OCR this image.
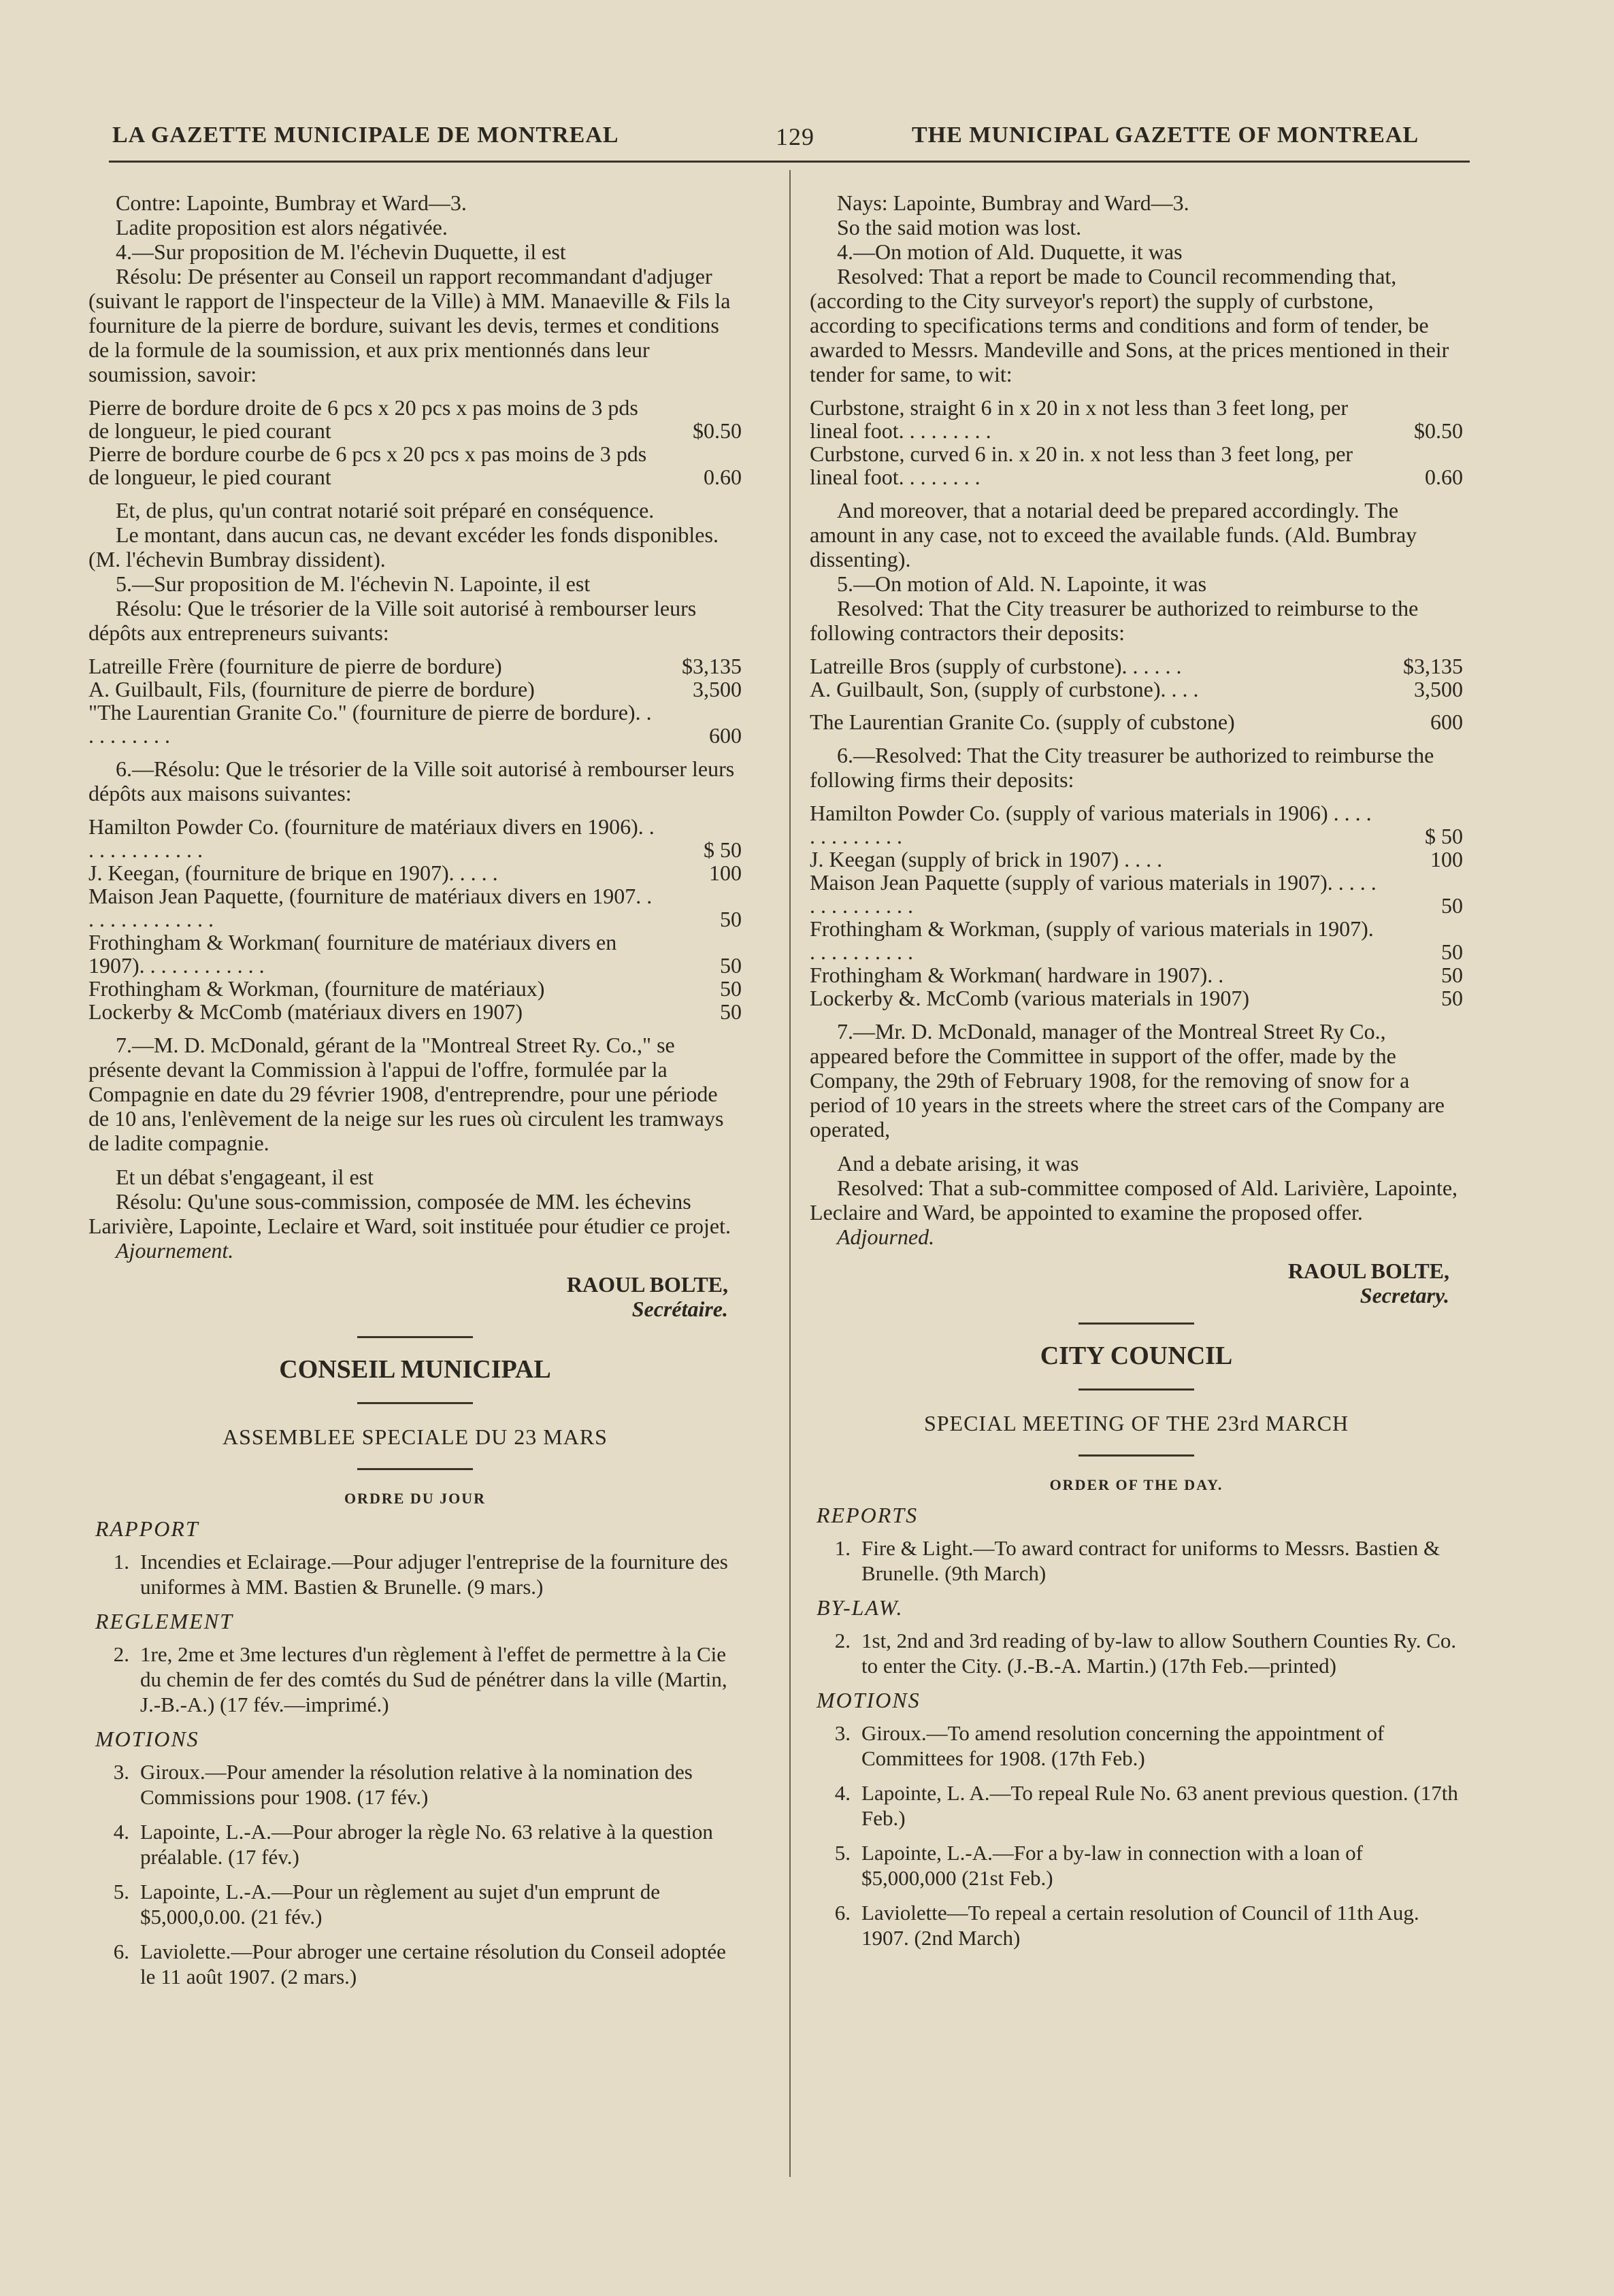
LA GAZETTE MUNICIPALE DE MONTREAL	129	THE MUNICIPAL GAZETTE OF MONTREAL

Contre: Lapointe, Bumbray et Ward—3.

Ladite proposition est alors négativée.

4.—Sur proposition de M. l'échevin Duquette, il est

Résolu: De présenter au Conseil un rapport recommandant d'adjuger (suivant le rapport de l'inspecteur de la Ville) à MM. Manaeville & Fils la fourniture de la pierre de bordure, suivant les devis, termes et conditions de la formule de la soumission, et aux prix mentionnés dans leur soumission, savoir:

Pierre de bordure droite de 6 pcs x 20 pcs x pas moins de 3 pds de longueur, le pied courant	$0.50
Pierre de bordure courbe de 6 pcs x 20 pcs x pas moins de 3 pds de longueur, le pied courant	0.60

Et, de plus, qu'un contrat notarié soit préparé en conséquence.

Le montant, dans aucun cas, ne devant excéder les fonds disponibles. (M. l'échevin Bumbray dissident).

5.—Sur proposition de M. l'échevin N. Lapointe, il est

Résolu: Que le trésorier de la Ville soit autorisé à rembourser leurs dépôts aux entrepreneurs suivants:

Latreille Frère (fourniture de pierre de bordure)	$3,135
A. Guilbault, Fils, (fourniture de pierre de bordure)	3,500
"The Laurentian Granite Co." (fourniture de pierre de bordure). . . . . . . . . .	600

6.—Résolu: Que le trésorier de la Ville soit autorisé à rembourser leurs dépôts aux maisons suivantes:

Hamilton Powder Co. (fourniture de matériaux divers en 1906). . . . . . . . . . . . .	$ 50
J. Keegan, (fourniture de brique en 1907). . . . .	100
Maison Jean Paquette, (fourniture de matériaux divers en 1907. . . . . . . . . . . . . .	50
Frothingham & Workman( fourniture de matériaux divers en 1907). . . . . . . . . . . .	50
Frothingham & Workman, (fourniture de matériaux)	50
Lockerby & McComb (matériaux divers en 1907)	50

7.—M. D. McDonald, gérant de la "Montreal Street Ry. Co.," se présente devant la Commission à l'appui de l'offre, formulée par la Compagnie en date du 29 février 1908, d'entreprendre, pour une période de 10 ans, l'enlèvement de la neige sur les rues où circulent les tramways de ladite compagnie.

Et un débat s'engageant, il est

Résolu: Qu'une sous-commission, composée de MM. les échevins Larivière, Lapointe, Leclaire et Ward, soit instituée pour étudier ce projet.

Ajournement.

RAOUL BOLTE,

Secrétaire.

CONSEIL MUNICIPAL
ASSEMBLEE SPECIALE DU 23 MARS
ORDRE DU JOUR
RAPPORT
1. Incendies et Eclairage.—Pour adjuger l'entreprise de la fourniture des uniformes à MM. Bastien & Brunelle. (9 mars.)
REGLEMENT
2. 1re, 2me et 3me lectures d'un règlement à l'effet de permettre à la Cie du chemin de fer des comtés du Sud de pénétrer dans la ville (Martin, J.-B.-A.) (17 fév.—imprimé.)
MOTIONS
3. Giroux.—Pour amender la résolution relative à la nomination des Commissions pour 1908. (17 fév.)
4. Lapointe, L.-A.—Pour abroger la règle No. 63 relative à la question préalable. (17 fév.)
5. Lapointe, L.-A.—Pour un règlement au sujet d'un emprunt de $5,000,0.00. (21 fév.)
6. Laviolette.—Pour abroger une certaine résolution du Conseil adoptée le 11 août 1907. (2 mars.)

Nays: Lapointe, Bumbray and Ward—3.

So the said motion was lost.

4.—On motion of Ald. Duquette, it was

Resolved: That a report be made to Council recommending that, (according to the City surveyor's report) the supply of curbstone, according to specifications terms and conditions and form of tender, be awarded to Messrs. Mandeville and Sons, at the prices mentioned in their tender for same, to wit:

Curbstone, straight 6 in x 20 in x not less than 3 feet long, per lineal foot. . . . . . . . .	$0.50
Curbstone, curved 6 in. x 20 in. x not less than 3 feet long, per lineal foot. . . . . . . .	0.60

And moreover, that a notarial deed be prepared accordingly. The amount in any case, not to exceed the available funds. (Ald. Bumbray dissenting).

5.—On motion of Ald. N. Lapointe, it was

Resolved: That the City treasurer be authorized to reimburse to the following contractors their deposits:

Latreille Bros (supply of curbstone). . . . . .	$3,135
A. Guilbault, Son, (supply of curbstone). . . .	3,500
The Laurentian Granite Co. (supply of cubstone)	600

6.—Resolved: That the City treasurer be authorized to reimburse the following firms their deposits:

Hamilton Powder Co. (supply of various materials in 1906) . . . . . . . . . . . . .	$ 50
J. Keegan (supply of brick in 1907) . . . .	100
Maison Jean Paquette (supply of various materials in 1907). . . . . . . . . . . . . . .	50
Frothingham & Workman, (supply of various materials in 1907). . . . . . . . . . .	50
Frothingham & Workman( hardware in 1907). .	50
Lockerby &. McComb (various materials in 1907)	50

7.—Mr. D. McDonald, manager of the Montreal Street Ry Co., appeared before the Committee in support of the offer, made by the Company, the 29th of February 1908, for the removing of snow for a period of 10 years in the streets where the street cars of the Company are operated,

And a debate arising, it was

Resolved: That a sub-committee composed of Ald. Larivière, Lapointe, Leclaire and Ward, be appointed to examine the proposed offer.

Adjourned.

RAOUL BOLTE,

Secretary.

CITY COUNCIL
SPECIAL MEETING OF THE 23rd MARCH
ORDER OF THE DAY.
REPORTS
1. Fire & Light.—To award contract for uniforms to Messrs. Bastien & Brunelle. (9th March)
BY-LAW.
2. 1st, 2nd and 3rd reading of by-law to allow Southern Counties Ry. Co. to enter the City. (J.-B.-A. Martin.) (17th Feb.—printed)
MOTIONS
3. Giroux.—To amend resolution concerning the appointment of Committees for 1908. (17th Feb.)
4. Lapointe, L. A.—To repeal Rule No. 63 anent previous question. (17th Feb.)
5. Lapointe, L.-A.—For a by-law in connection with a loan of $5,000,000 (21st Feb.)
6. Laviolette—To repeal a certain resolution of Council of 11th Aug. 1907. (2nd March)
